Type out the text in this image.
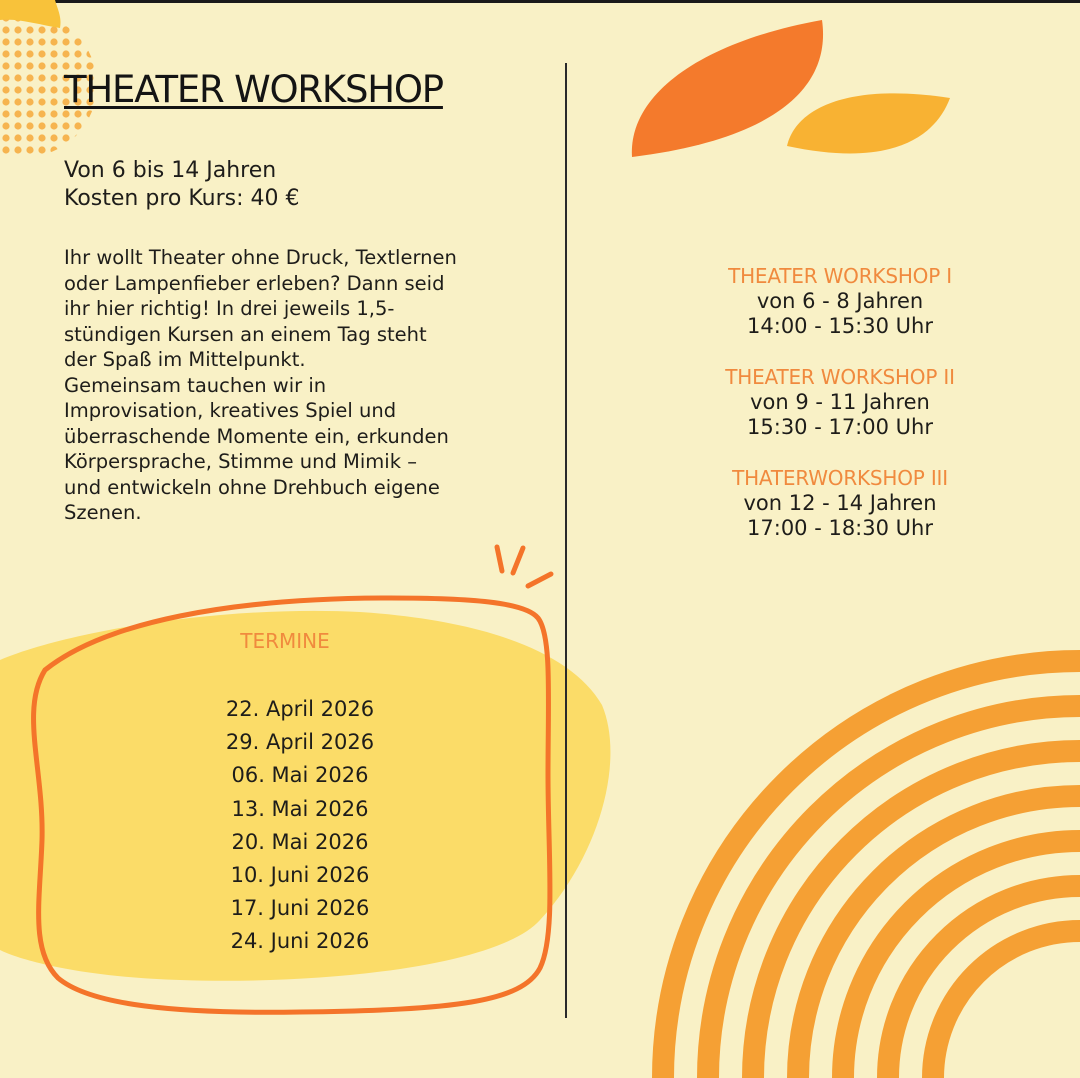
THEATER WORKSHOP
Von 6 bis 14 Jahren
Kosten pro Kurs: 40 €

Ihr wollt Theater ohne Druck, Textlernen
oder Lampenfieber erleben? Dann seid
ihr hier richtig! In drei jeweils 1,5-
stündigen Kursen an einem Tag steht
der Spaß im Mittelpunkt.
Gemeinsam tauchen wir in
Improvisation, kreatives Spiel und
überraschende Momente ein, erkunden
Körpersprache, Stimme und Mimik –
und entwickeln ohne Drehbuch eigene
Szenen.

THEATER WORKSHOP I
von 6 - 8 Jahren
14:00 - 15:30 Uhr
THEATER WORKSHOP II
von 9 - 11 Jahren
15:30 - 17:00 Uhr
THATERWORKSHOP III
von 12 - 14 Jahren
17:00 - 18:30 Uhr
TERMINE
22. April 2026
29. April 2026
06. Mai 2026
13. Mai 2026
20. Mai 2026
10. Juni 2026
17. Juni 2026
24. Juni 2026
